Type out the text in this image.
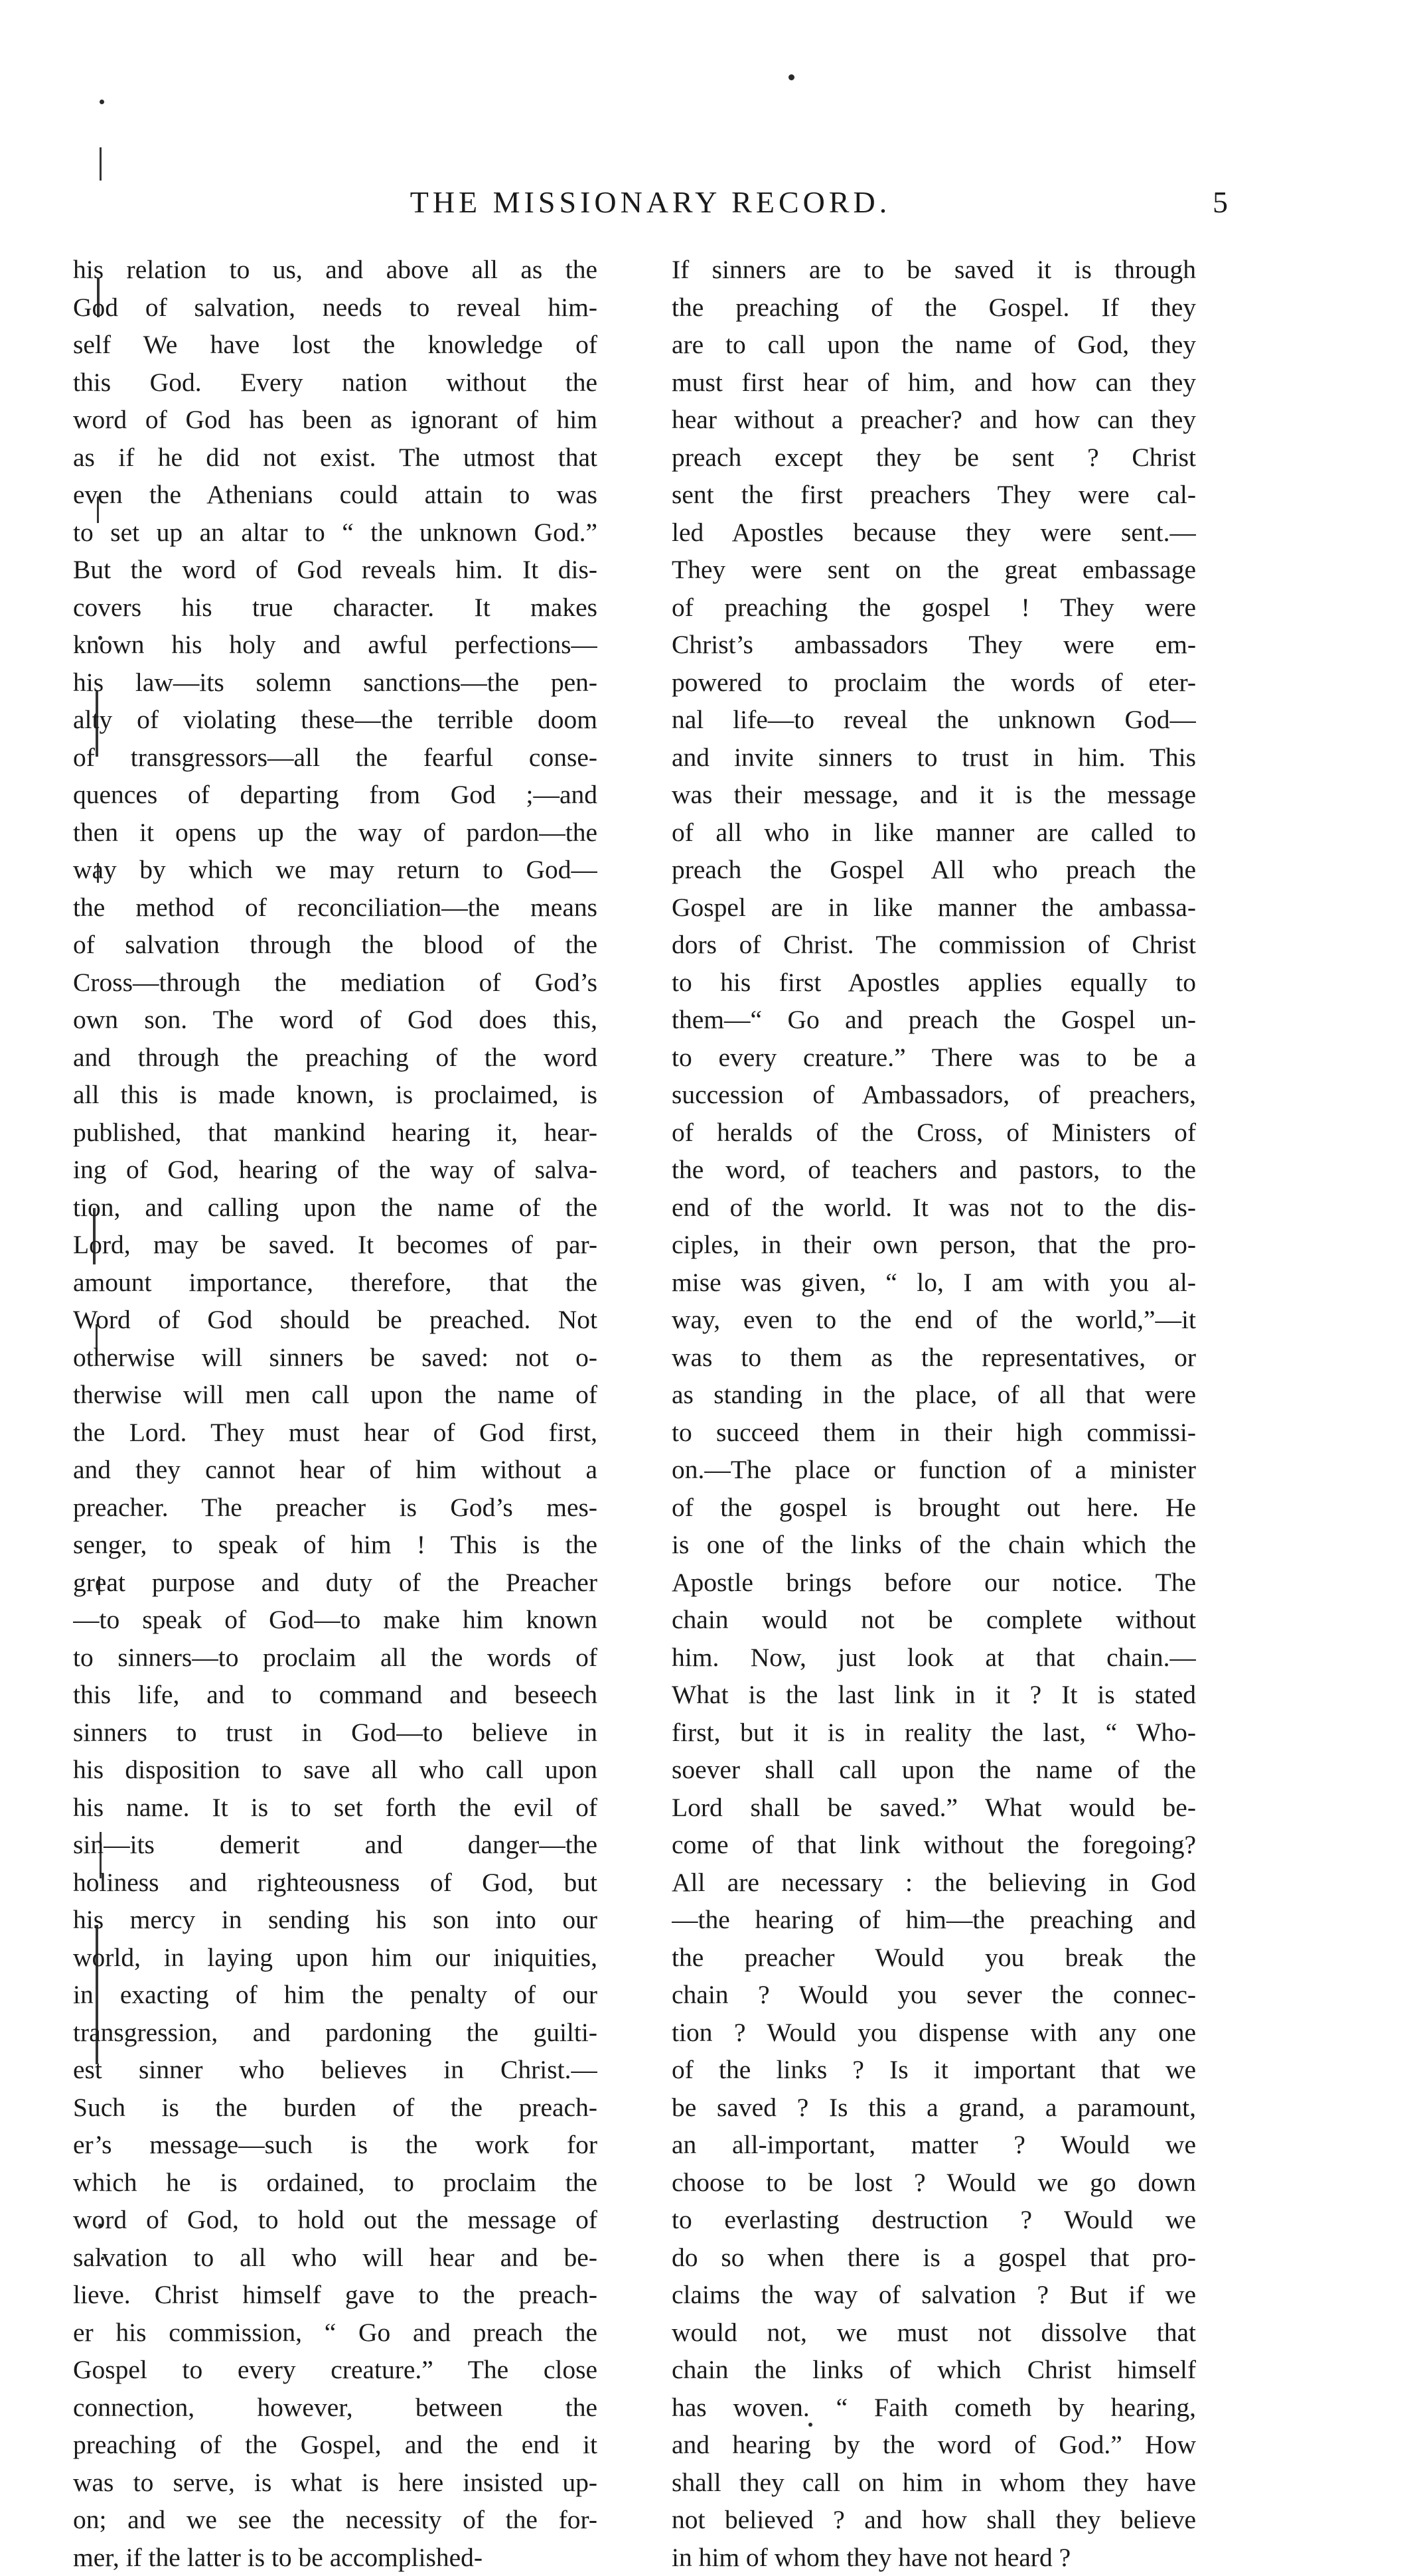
THE MISSIONARY RECORD.	5
his relation to us, and above all as the
God of salvation, needs to reveal him-
self We have lost the knowledge of
this God. Every nation without the
word of God has been as ignorant of him
as if he did not exist. The utmost that
even the Athenians could attain to was
to set up an altar to “ the unknown God.”
But the word of God reveals him. It dis-
covers his true character. It makes
known his holy and awful perfections—
his law—its solemn sanctions—the pen-
alty of violating these—the terrible doom
of transgressors—all the fearful conse-
quences of departing from God ;—and
then it opens up the way of pardon—the
way by which we may return to God—
the method of reconciliation—the means
of salvation through the blood of the
Cross—through the mediation of God’s
own son. The word of God does this,
and through the preaching of the word
all this is made known, is proclaimed, is
published, that mankind hearing it, hear-
ing of God, hearing of the way of salva-
tion, and calling upon the name of the
Lord, may be saved. It becomes of par-
amount importance, therefore, that the
Word of God should be preached. Not
otherwise will sinners be saved: not o-
therwise will men call upon the name of
the Lord. They must hear of God first,
and they cannot hear of him without a
preacher. The preacher is God’s mes-
senger, to speak of him ! This is the
great purpose and duty of the Preacher
—to speak of God—to make him known
to sinners—to proclaim all the words of
this life, and to command and beseech
sinners to trust in God—to believe in
his disposition to save all who call upon
his name. It is to set forth the evil of
sin—its demerit and danger—the
holiness and righteousness of God, but
his mercy in sending his son into our
world, in laying upon him our iniquities,
in exacting of him the penalty of our
transgression, and pardoning the guilti-
est sinner who believes in Christ.—
Such is the burden of the preach-
er’s message—such is the work for
which he is ordained, to proclaim the
word of God, to hold out the message of
salvation to all who will hear and be-
lieve. Christ himself gave to the preach-
er his commission, “ Go and preach the
Gospel to every creature.” The close
connection, however, between the
preaching of the Gospel, and the end it
was to serve, is what is here insisted up-
on; and we see the necessity of the for-
mer, if the latter is to be accomplished-
If sinners are to be saved it is through
the preaching of the Gospel. If they
are to call upon the name of God, they
must first hear of him, and how can they
hear without a preacher? and how can they
preach except they be sent ? Christ
sent the first preachers They were cal-
led Apostles because they were sent.—
They were sent on the great embassage
of preaching the gospel ! They were
Christ’s ambassadors They were em-
powered to proclaim the words of eter-
nal life—to reveal the unknown God—
and invite sinners to trust in him. This
was their message, and it is the message
of all who in like manner are called to
preach the Gospel All who preach the
Gospel are in like manner the ambassa-
dors of Christ. The commission of Christ
to his first Apostles applies equally to
them—“ Go and preach the Gospel un-
to every creature.” There was to be a
succession of Ambassadors, of preachers,
of heralds of the Cross, of Ministers of
the word, of teachers and pastors, to the
end of the world. It was not to the dis-
ciples, in their own person, that the pro-
mise was given, “ lo, I am with you al-
way, even to the end of the world,”—it
was to them as the representatives, or
as standing in the place, of all that were
to succeed them in their high commissi-
on.—The place or function of a minister
of the gospel is brought out here. He
is one of the links of the chain which the
Apostle brings before our notice. The
chain would not be complete without
him. Now, just look at that chain.—
What is the last link in it ? It is stated
first, but it is in reality the last, “ Who-
soever shall call upon the name of the
Lord shall be saved.” What would be-
come of that link without the foregoing?
All are necessary : the believing in God
—the hearing of him—the preaching and
the preacher Would you break the
chain ? Would you sever the connec-
tion ? Would you dispense with any one
of the links ? Is it important that we
be saved ? Is this a grand, a paramount,
an all-important, matter ? Would we
choose to be lost ? Would we go down
to everlasting destruction ? Would we
do so when there is a gospel that pro-
claims the way of salvation ? But if we
would not, we must not dissolve that
chain the links of which Christ himself
has woven. “ Faith cometh by hearing,
and hearing by the word of God.” How
shall they call on him in whom they have
not believed ? and how shall they believe
in him of whom they have not heard ?
